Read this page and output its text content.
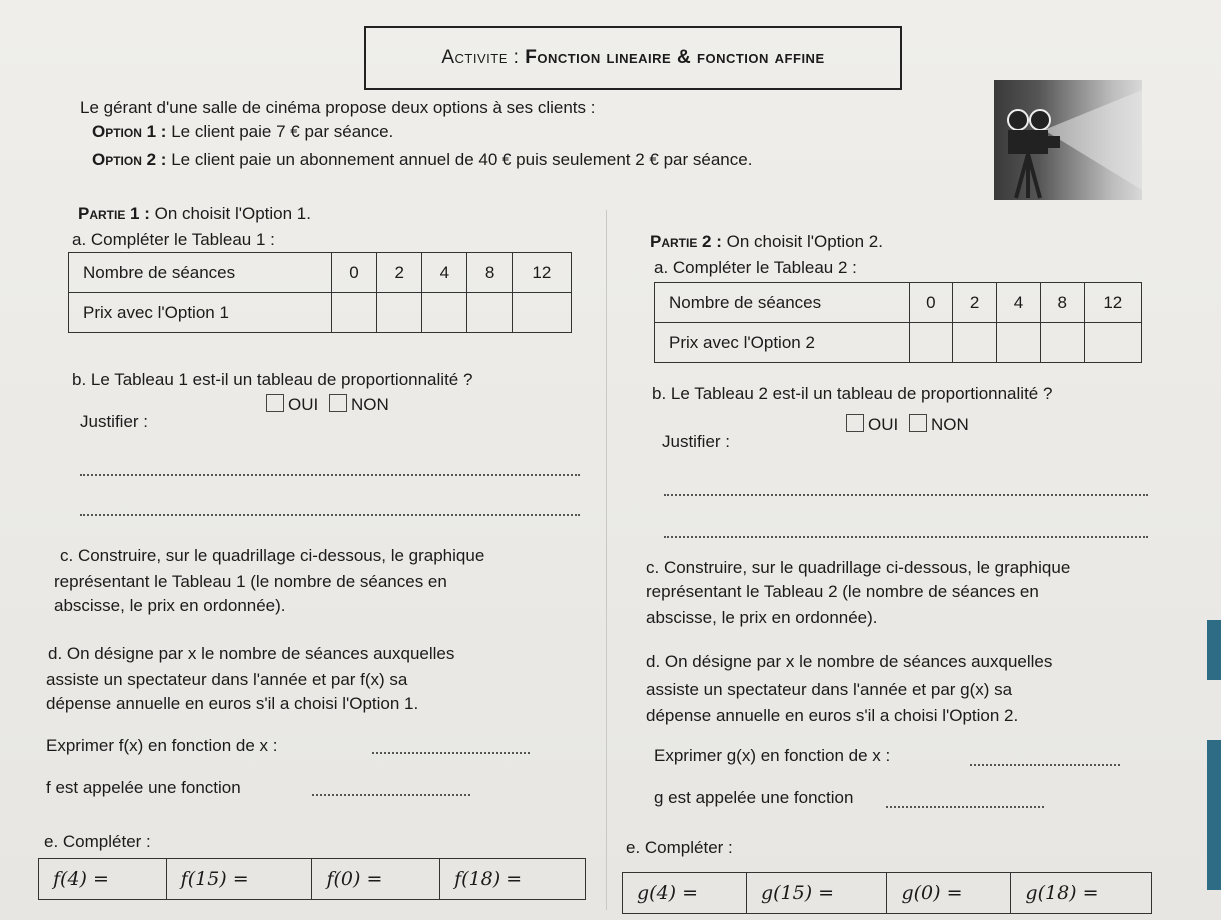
Activite :
Fonction lineaire & fonction affine
Le gérant d'une salle de cinéma propose deux options à ses clients :
Option 1 : Le client paie 7 € par séance.
Option 2 : Le client paie un abonnement annuel de 40 € puis seulement 2 € par séance.
Partie 1 : On choisit l'Option 1.
a. Compléter le Tableau 1 :
Nombre de séances	0	2	4	8	12
Prix avec l'Option 1					
b. Le Tableau 1 est-il un tableau de proportionnalité ?
OUI NON
Justifier :
c. Construire, sur le quadrillage ci-dessous, le graphique
représentant le Tableau 1 (le nombre de séances en
abscisse, le prix en ordonnée).
d. On désigne par x le nombre de séances auxquelles
assiste un spectateur dans l'année et par f(x) sa
dépense annuelle en euros s'il a choisi l'Option 1.
Exprimer f(x) en fonction de x :
f est appelée une fonction
e. Compléter :
f(4) =	f(15) =	f(0) =	f(18) =
Partie 2 : On choisit l'Option 2.
a. Compléter le Tableau 2 :
Nombre de séances	0	2	4	8	12
Prix avec l'Option 2					
b. Le Tableau 2 est-il un tableau de proportionnalité ?
OUI NON
Justifier :
c. Construire, sur le quadrillage ci-dessous, le graphique
représentant le Tableau 2 (le nombre de séances en
abscisse, le prix en ordonnée).
d. On désigne par x le nombre de séances auxquelles
assiste un spectateur dans l'année et par g(x) sa
dépense annuelle en euros s'il a choisi l'Option 2.
Exprimer g(x) en fonction de x :
g est appelée une fonction
e. Compléter :
g(4) =	g(15) =	g(0) =	g(18) =
